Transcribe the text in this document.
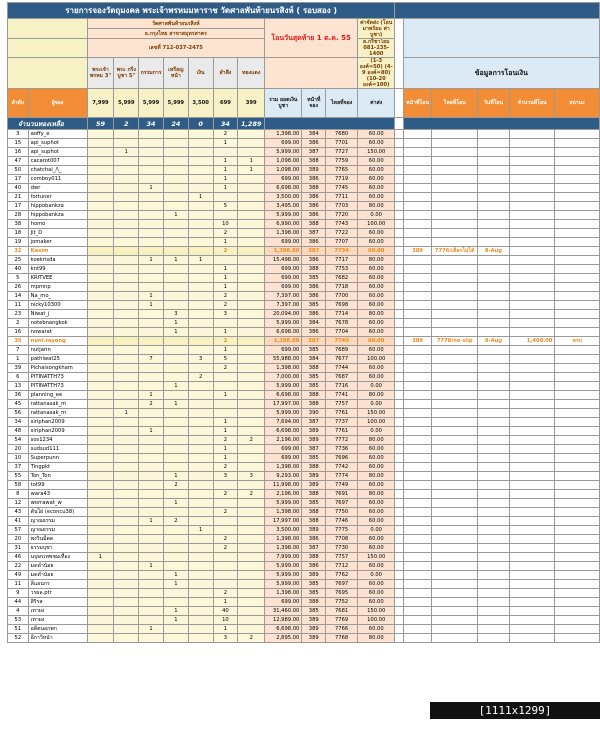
รายการจองวัตถุมงคล พระเจ้าพรหมมหาราช วัดศาลพันท้ายนรสิงห์ ( รอบสอง )																		
		วัดศาลพันท้ายนรสิงห์							โอนวันสุดท้าย 1 ต.ค. 55			ค่าจัดส่ง (โอนมาพร้อม ค่าบูชา)						
		ธ.กรุงไทย สาขาสมุทรสาคร																
		เลขที่ 712-037-2475										ส.กริชาโยม 081-235-1400						
		พระเจ้า พรหม 3"	พระ กริ่ง บูชา 5"	กรรมการ	เหรียญหน้า	เงิน	สำลึง	ทองแดง				(1-3 องค์=50) (4-9 องค์=80) (10-20 องค์=100)		ข้อมูลการโอนเงิน				
ลำดับ	ผู้จอง	7,999	5,999	5,999	5,999	3,500	699	399	รวม ยอดเงินบูชา	หน้าที่จอง	ไหลที่จอง	ค่าส่ง		หน้าที่โอน	ไหลที่โอน	วันที่โอน	จำนวนที่โอน	สถานะ
จำนวนทองเหลือ		59	2	34	24	0	34	1,289										
3	aoffy_e						2		1,398.00	384	7680	60.00						
15	api_suphot						1		699.00	386	7701	60.00						
16	api_suphot		1						5,999.00	387	7727	150.00						
47	cacarot007						1	1	1,098.00	388	7759	60.00						
50	chatchai_/\_						1	1	1,098.00	389	7765	60.00						
17	comboy011						1		699.00	386	7719	60.00						
40	dwr			1			1		6,698.00	388	7745	60.00						
21	fortuner					1			3,500.00	386	7711	60.00						
17	hippobankza						5		3,495.00	386	7703	80.00						
28	hippobankza				1				5,999.00	386	7720	0.00						
38	homo						10		6,990.00	388	7743	100.00						
18	Jit_D						2		1,398.00	387	7722	60.00						
19	jomaker						1		699.00	386	7707	60.00						
32	Kasim						2		1,398.00	387	7734	60.00		389	7776/เลือกไม่ได้	8-Aug		
25	koekrisda			1	1	1			15,498.00	386	7717	80.00						
40	knt99						1		699.00	388	7753	60.00						
5	KRITVEE						1		699.00	385	7682	60.00						
26	mpmnp						1		699.00	386	7718	60.00						
14	Na_mo_			1			2		7,397.00	386	7700	60.00						
11	nicky10300			1			2		7,397.00	385	7698	60.00						
23	Niwat_j				3		3		20,094.00	386	7714	80.00						
2	notebnangkok				1				5,999.00	384	7678	60.00						
16	nowarat				1		1		6,698.00	386	7704	60.00						
35	nuni.rayong						2		1,398.00	387	7740	60.00		389	7778/no slip	9-Aug	1,400.00	ครบ
7	nutjarin						1		699.00	385	7689	60.00						
1	pathiwat25			7		3	5		55,988.00	384	7677	100.00						
39	Pichaisongkham						2		1,398.00	388	7744	60.00						
6	PITINATTH73					2			7,000.00	385	7687	60.00						
13	PITINATTH73				1				5,999.00	385	7716	0.00						
36	planning_ee			1			1		6,698.00	388	7741	80.00						
45	rattanasak_m			2	1				17,997.00	388	7757	0.00						
56	rattanasak_m		1						5,999.00	390	7761	150.00						
34	siriphan2009						1		7,694.00	387	7737	100.00						
48	siriphan2009			1			1		6,698.00	389	7761	0.00						
54	sos1234						2	2	2,196.00	389	7772	80.00						
20	sudsud111						1		699.00	387	7736	60.00						
10	Superpunn						1		699.00	385	7696	60.00						
37	Tingpkt						2		1,398.00	388	7742	60.00						
55	Ton_Ton				1		3	3	9,293.00	389	7774	80.00						
58	tot99				2				11,998.00	389	7749	60.00						
8	wara43						2	2	2,196.00	388	7691	80.00						
12	worrawat_w				1				5,999.00	385	7697	60.00						
43	ต้นไผ่ (econcu38)						2		1,398.00	388	7750	60.00						
41	ญาณธรรม			1	2				17,997.00	388	7746	60.00						
57	ญาณธรรม					1			3,500.00	389	7775	0.00						
20	พงวินมีตด						2		1,398.00	386	7708	60.00						
31	ธรรมบุชา						2		1,398.00	387	7730	60.00						
46	นบุษรเทพชมเทือง	1							7,999.00	388	7757	150.00						
22	มดดำน้อย			1					5,999.00	386	7712	60.00						
49	มดดำน้อย				1				5,999.00	389	7762	0.00						
11	ลีแอนกร				1				5,999.00	385	7697	60.00						
9	วรผล.ptr						2		1,398.00	385	7695	60.00						
44	สิริรส						1		699.00	388	7752	60.00						
4	เทาผง				1		40		31,460.00	385	7681	150.00						
53	เทาผง				1		10		12,989.00	389	7769	100.00						
51	อดีตนอกพก			1			1		6,698.00	389	7766	60.00						
52	อีกาวีหน้า						3	2	2,895.00	389	7768	80.00						
[1111x1299] https://upic.me/
